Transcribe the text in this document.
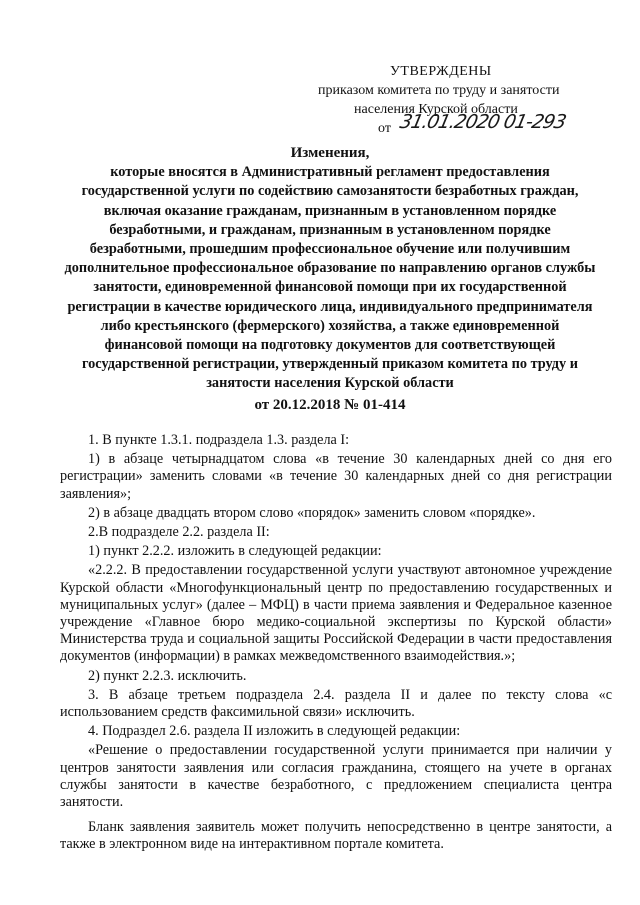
УТВЕРЖДЕНЫ
приказом комитета по труду и занятости
населения Курской области
от 31.01.2020 01-293
Изменения,
которые вносятся в Административный регламент предоставления государственной услуги по содействию самозанятости безработных граждан, включая оказание гражданам, признанным в установленном порядке безработными, и гражданам, признанным в установленном порядке безработными, прошедшим профессиональное обучение или получившим дополнительное профессиональное образование по направлению органов службы занятости, единовременной финансовой помощи при их государственной регистрации в качестве юридического лица, индивидуального предпринимателя либо крестьянского (фермерского) хозяйства, а также единовременной финансовой помощи на подготовку документов для соответствующей государственной регистрации, утвержденный приказом комитета по труду и занятости населения Курской области
от 20.12.2018 № 01-414

1. В пункте 1.3.1. подраздела 1.3. раздела I:

1) в абзаце четырнадцатом слова «в течение 30 календарных дней со дня его регистрации» заменить словами «в течение 30 календарных дней со дня регистрации заявления»;

2) в абзаце двадцать втором слово «порядок» заменить словом «порядке».

2.В подразделе 2.2. раздела II:

1) пункт 2.2.2. изложить в следующей редакции:

«2.2.2. В предоставлении государственной услуги участвуют автономное учреждение Курской области «Многофункциональный центр по предоставлению государственных и муниципальных услуг» (далее – МФЦ) в части приема заявления и Федеральное казенное учреждение «Главное бюро медико-социальной экспертизы по Курской области» Министерства труда и социальной защиты Российской Федерации в части предоставления документов (информации) в рамках межведомственного взаимодействия.»;

2) пункт 2.2.3. исключить.

3. В абзаце третьем подраздела 2.4. раздела II и далее по тексту слова «с использованием средств факсимильной связи» исключить.

4. Подраздел 2.6. раздела II изложить в следующей редакции:

«Решение о предоставлении государственной услуги принимается при наличии у центров занятости заявления или согласия гражданина, стоящего на учете в органах службы занятости в качестве безработного, с предложением специалиста центра занятости.

Бланк заявления заявитель может получить непосредственно в центре занятости, а также в электронном виде на интерактивном портале комитета.
